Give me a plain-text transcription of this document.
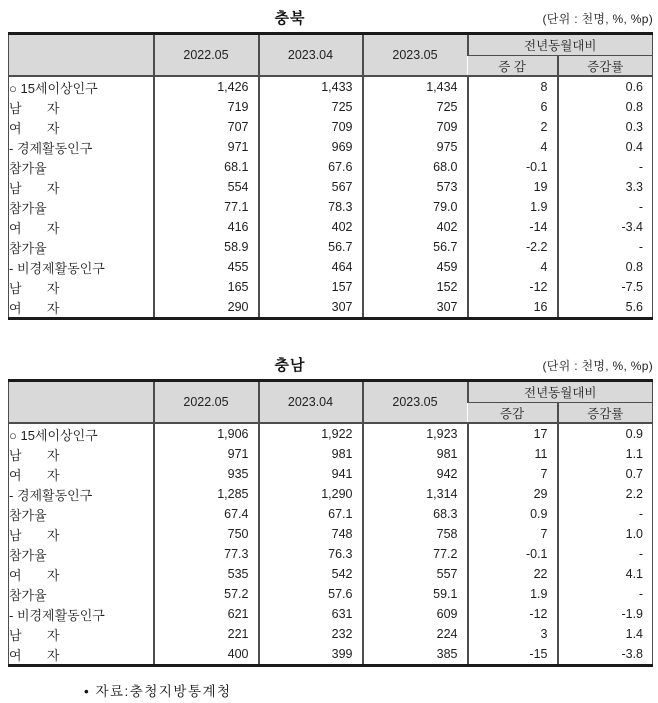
충북	(단위 : 천명, %, %p)
	2022.05	2023.04	2023.05	전년동월대비	
				증 감	증감률
○ 15세이상인구	1,426	1,433	1,434	8	0.6
남       자	719	725	725	6	0.8
여       자	707	709	709	2	0.3
- 경제활동인구	971	969	975	4	0.4
참가율	68.1	67.6	68.0	-0.1	-
남       자	554	567	573	19	3.3
참가율	77.1	78.3	79.0	1.9	-
여       자	416	402	402	-14	-3.4
참가율	58.9	56.7	56.7	-2.2	-
- 비경제활동인구	455	464	459	4	0.8
남       자	165	157	152	-12	-7.5
여       자	290	307	307	16	5.6
충남	(단위 : 천명, %, %p)
	2022.05	2023.04	2023.05	전년동월대비	
				증감	증감률
○ 15세이상인구	1,906	1,922	1,923	17	0.9
남       자	971	981	981	11	1.1
여       자	935	941	942	7	0.7
- 경제활동인구	1,285	1,290	1,314	29	2.2
참가율	67.4	67.1	68.3	0.9	-
남       자	750	748	758	7	1.0
참가율	77.3	76.3	77.2	-0.1	-
여       자	535	542	557	22	4.1
참가율	57.2	57.6	59.1	1.9	-
- 비경제활동인구	621	631	609	-12	-1.9
남       자	221	232	224	3	1.4
여       자	400	399	385	-15	-3.8
• 자료:충청지방통계청
